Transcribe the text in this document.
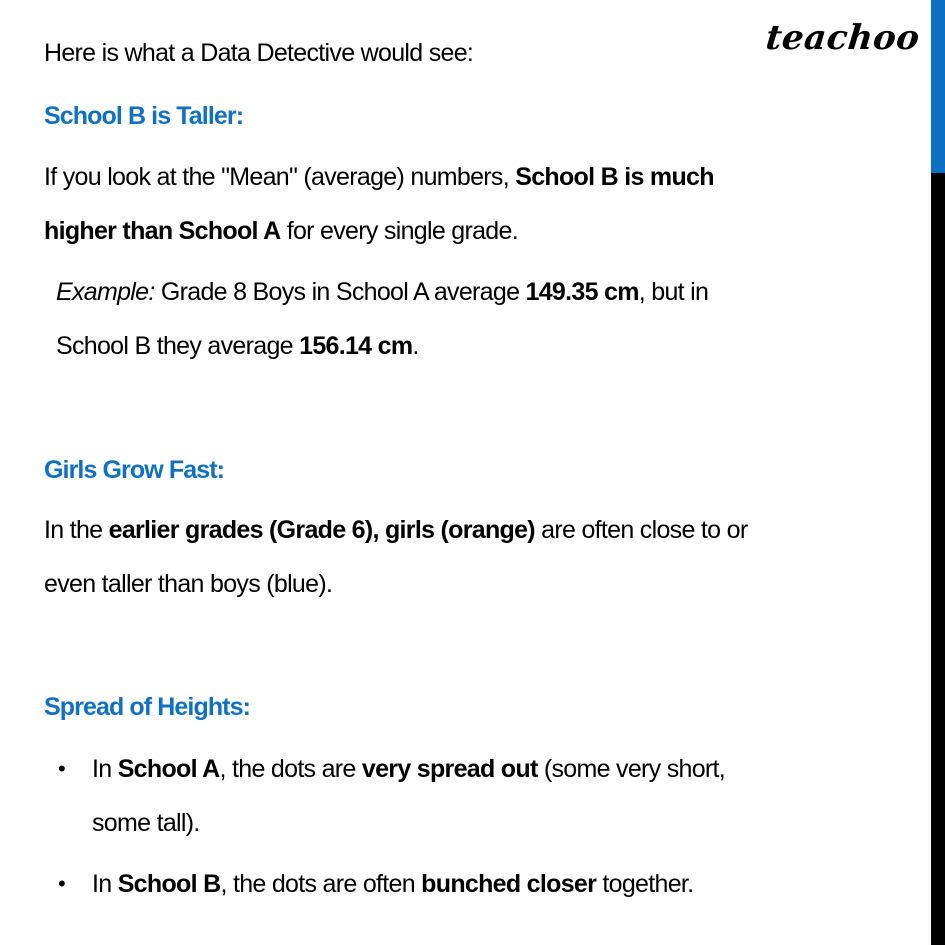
teachoo
Here is what a Data Detective would see:
School B is Taller:
If you look at the "Mean" (average) numbers, School B is much
higher than School A for every single grade.
Example: Grade 8 Boys in School A average 149.35 cm, but in
School B they average 156.14 cm.
Girls Grow Fast:
In the earlier grades (Grade 6), girls (orange) are often close to or
even taller than boys (blue).
Spread of Heights:
• In School A, the dots are very spread out (some very short,
some tall).
• In School B, the dots are often bunched closer together.
